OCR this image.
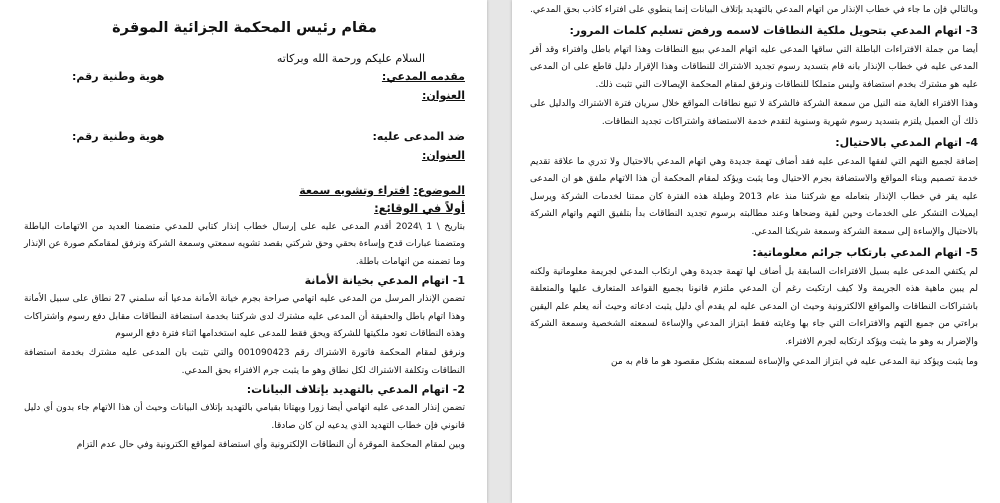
مقام رئيس المحكمة الجزائية الموقرة

السلام عليكم ورحمة الله وبركاته

مقدمه المدعي:
هوية وطنية رقم:

العنوان:

ضد المدعى عليه:
هوية وطنية رقم:

العنوان:

الموضوع: افتراء وتشويه سمعة

أولاً في الوقائع:

بتاريخ \ 1 \2024 أقدم المدعى عليه على إرسال خطاب إنذار كتابي للمدعي متضمنا العديد من الاتهامات الباطلة ومتضمنا عبارات قدح وإساءة بحقي وحق شركتي بقصد تشويه سمعتي وسمعة الشركة ونرفق لمقامكم صورة عن الإنذار وما تضمنه من اتهامات باطلة.

1- اتهام المدعي بخيانة الأمانة

تضمن الإنذار المرسل من المدعى عليه اتهامي صراحة بجرم خيانة الأمانة مدعيا أنه سلمني 27 نطاق على سبيل الأمانة وهذا اتهام باطل والحقيقة أن المدعى عليه مشترك لدى شركتنا بخدمة استضافة النطاقات مقابل دفع رسوم واشتراكات وهذه النطاقات تعود ملكيتها للشركة ويحق فقط للمدعى عليه استخدامها اثناء فترة دفع الرسوم

ونرفق لمقام المحكمة فاتورة الاشتراك رقم 001090423 والتي تثبت بان المدعى عليه مشترك بخدمة استضافة النطاقات وتكلفة الاشتراك لكل نطاق وهو ما يثبت جرم الافتراء بحق المدعي.

2- اتهام المدعي بالتهديد بإتلاف البيانات:

تضمن إنذار المدعى عليه اتهامي أيضا زورا وبهتانا بقيامي بالتهديد بإتلاف البيانات وحيث أن هذا الاتهام جاء بدون أي دليل قانوني فإن خطاب التهديد الذي يدعيه لن كان صادقا.

وبين لمقام المحكمة الموقرة أن النطاقات الإلكترونية وأي استضافة لمواقع الكترونية وفي حال عدم التزام

وبالتالي فإن ما جاء في خطاب الإنذار من اتهام المدعي بالتهديد بإتلاف البيانات إنما ينطوي على افتراء كاذب بحق المدعي.

3- اتهام المدعي بتحويل ملكية النطاقات لاسمه ورفض تسليم كلمات المرور:

أيضا من جملة الافتراءات الباطلة التي ساقها المدعى عليه اتهام المدعي ببيع النطاقات وهذا اتهام باطل وافتراء وقد أقر المدعى عليه في خطاب الإنذار بانه قام بتسديد رسوم تجديد الاشتراك للنطاقات وهذا الإقرار دليل قاطع على ان المدعى عليه هو مشترك بخدم استضافة وليس متملكا للنطاقات ونرفق لمقام المحكمة الإيصالات التي تثبت ذلك.

وهذا الافتراء الغاية منه النيل من سمعة الشركة فالشركة لا تبيع نطاقات المواقع خلال سريان فترة الاشتراك والدليل على ذلك أن العميل يلتزم بتسديد رسوم شهرية وسنوية لتقدم خدمة الاستضافة واشتراكات تجديد النطاقات.

4- اتهام المدعي بالاحتيال:

إضافة لجميع التهم التي لفقها المدعى عليه فقد أضاف تهمة جديدة وهي اتهام المدعي بالاحتيال ولا تدري ما علاقة تقديم خدمة تصميم وبناء المواقع والاستضافة بجرم الاحتيال وما يثبت ويؤكد لمقام المحكمة أن هذا الاتهام ملفق هو ان المدعى عليه يقر في خطاب الإنذار بتعامله مع شركتنا منذ عام 2013 وطيلة هذه الفترة كان ممتنا لخدمات الشركة ويرسل ايميلات التشكر على الخدمات وحين لقية وضحاها وعند مطالبته برسوم تجديد النطاقات بدأ بتلفيق التهم واتهام الشركة بالاحتيال والإساءة إلى سمعة الشركة وسمعة شريكنا المدعي.

5- اتهام المدعي بارتكاب جرائم معلوماتية:

لم يكتفي المدعى عليه بسيل الافتراءات السابقة بل أضاف لها تهمة جديدة وهي ارتكاب المدعي لجريمة معلوماتية ولكنه لم يبين ماهية هذه الجريمة ولا كيف ارتكبت رغم أن المدعي ملتزم قانونا بجميع القواعد المتعارف عليها والمتعلقة باشتراكات النطاقات والمواقع الالكترونية وحيث ان المدعى عليه لم يقدم أي دليل يثبت ادعاته وحيث أنه يعلم علم اليقين براءتي من جميع التهم والافتراءات التي جاء بها وغايته فقط ابتزاز المدعي والإساءة لسمعته الشخصية وسمعة الشركة والإضرار به وهو ما يثبت ويؤكد ارتكابه لجرم الافتراء.

وما يثبت ويؤكد نية المدعى عليه في ابتزاز المدعي والإساءة لسمعته بشكل مقصود هو ما قام به من
